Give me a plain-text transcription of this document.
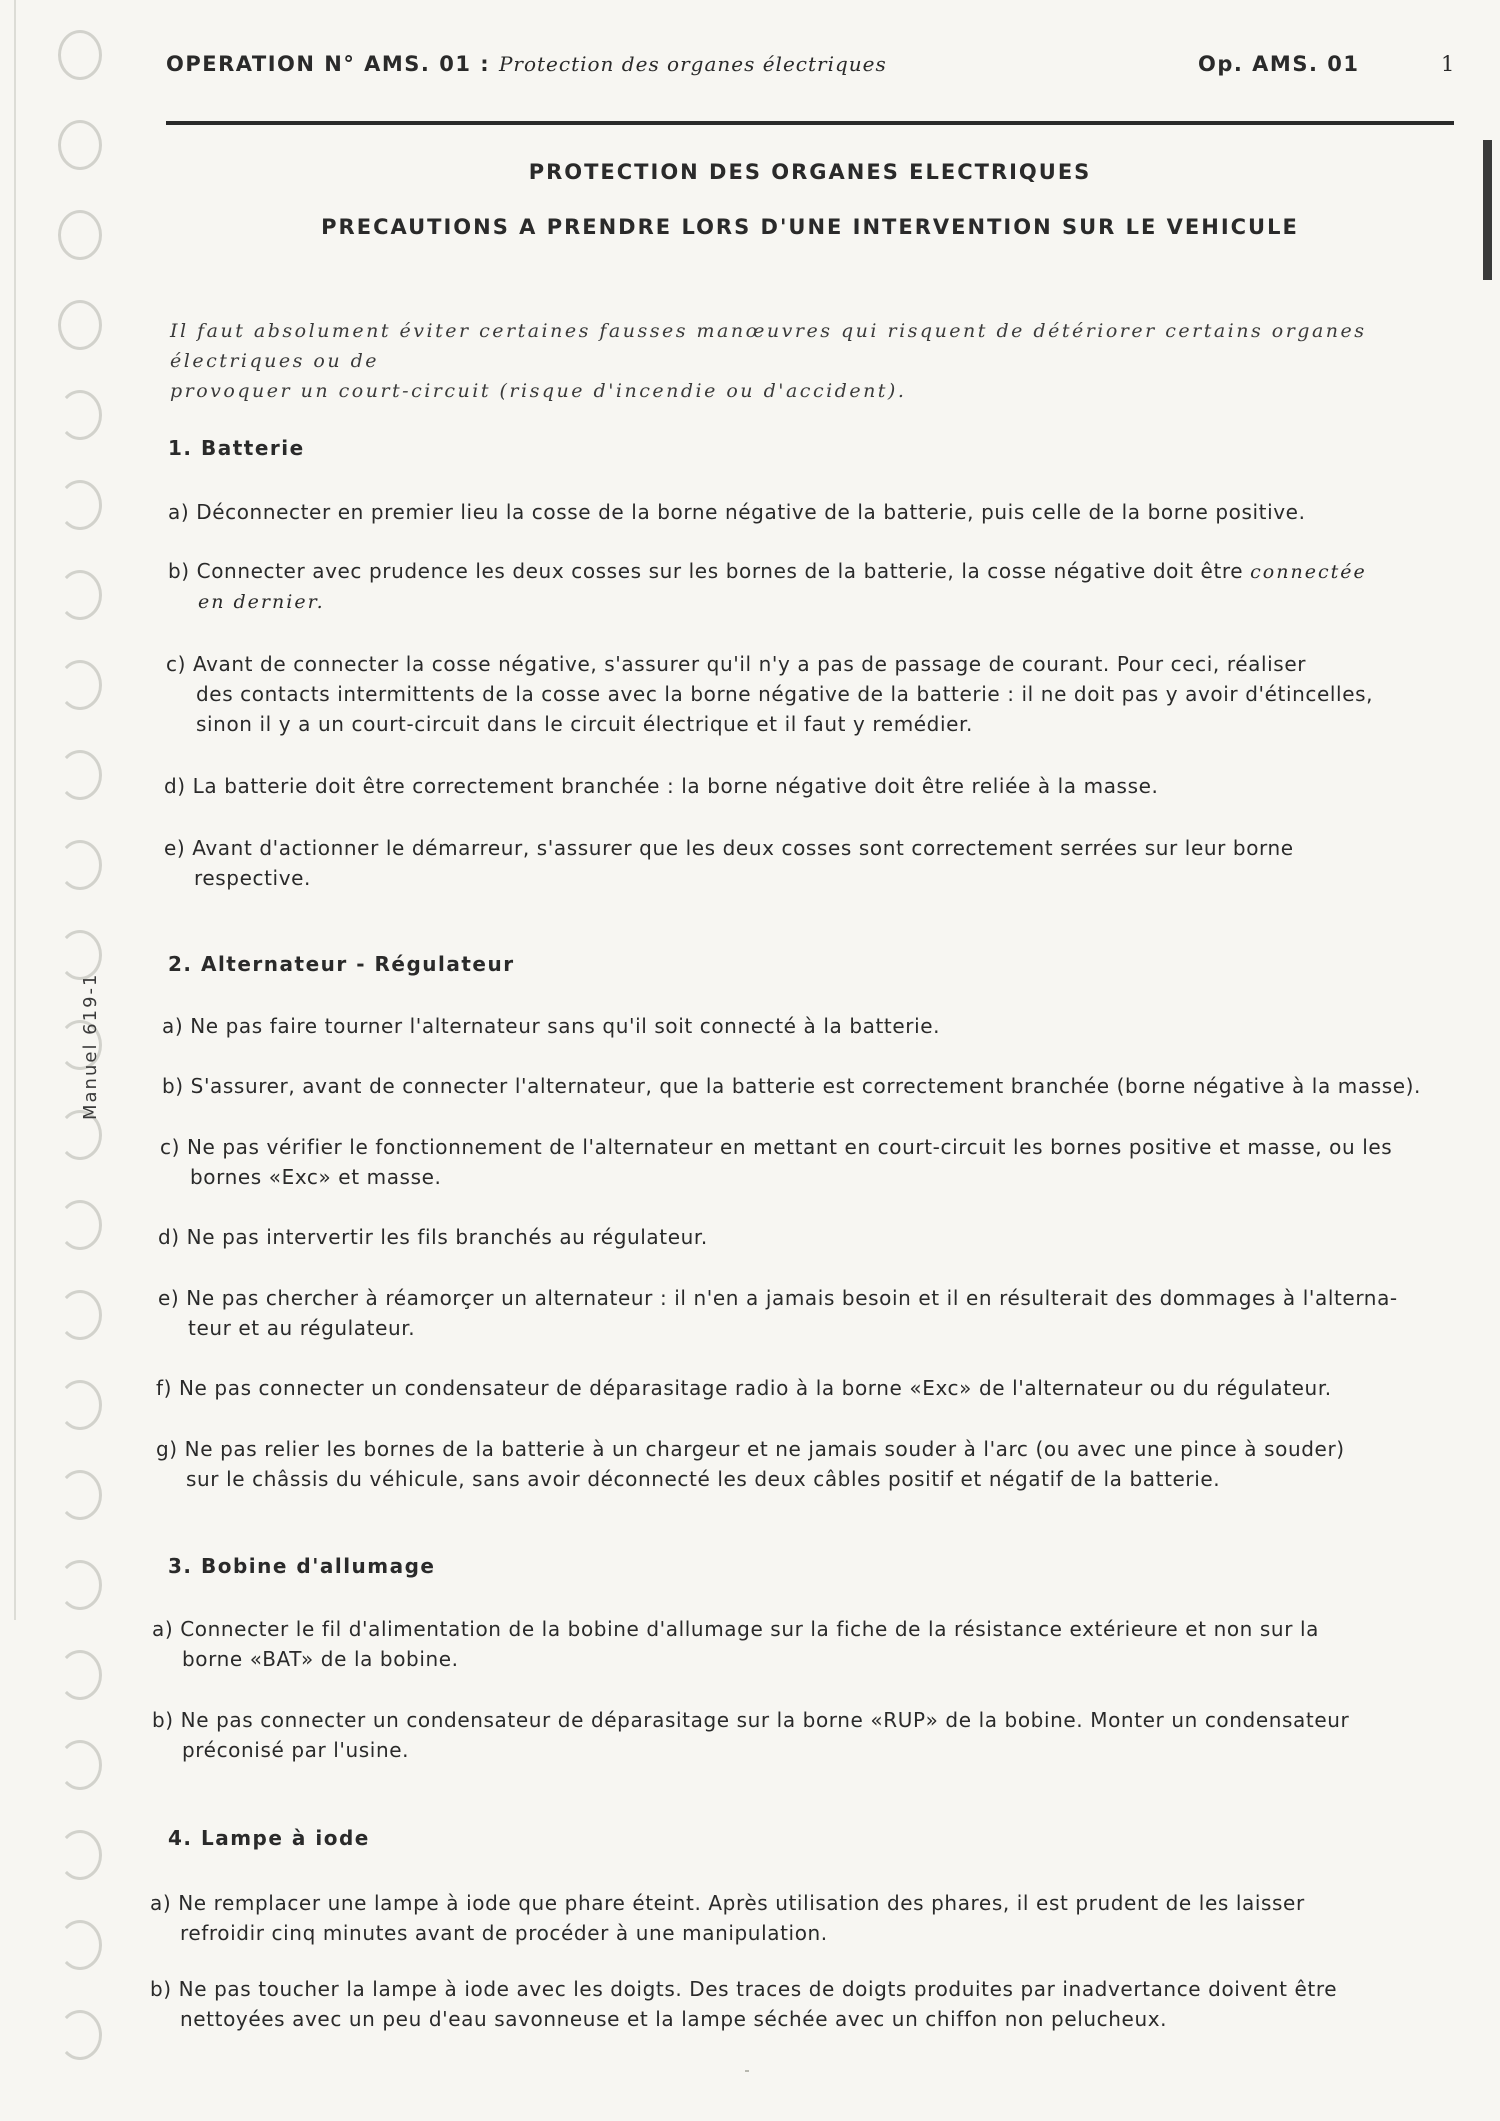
Manuel 619-1
OPERATION N° AMS. 01 : Protection des organes électriques	Op. AMS. 01	1
PROTECTION DES ORGANES ELECTRIQUES
PRECAUTIONS A PRENDRE LORS D'UNE INTERVENTION SUR LE VEHICULE
Il faut absolument éviter certaines fausses manœuvres qui risquent de détériorer certains organes électriques ou de
provoquer un court-circuit (risque d'incendie ou d'accident).
1. Batterie
a) Déconnecter en premier lieu la cosse de la borne négative de la batterie, puis celle de la borne positive.
b) Connecter avec prudence les deux cosses sur les bornes de la batterie, la cosse négative doit être connectée
en dernier.
c) Avant de connecter la cosse négative, s'assurer qu'il n'y a pas de passage de courant. Pour ceci, réaliser
des contacts intermittents de la cosse avec la borne négative de la batterie : il ne doit pas y avoir d'étincelles,
sinon il y a un court-circuit dans le circuit électrique et il faut y remédier.
d) La batterie doit être correctement branchée : la borne négative doit être reliée à la masse.
e) Avant d'actionner le démarreur, s'assurer que les deux cosses sont correctement serrées sur leur borne
respective.
2. Alternateur - Régulateur
a) Ne pas faire tourner l'alternateur sans qu'il soit connecté à la batterie.
b) S'assurer, avant de connecter l'alternateur, que la batterie est correctement branchée (borne négative à la masse).
c) Ne pas vérifier le fonctionnement de l'alternateur en mettant en court-circuit les bornes positive et masse, ou les
bornes «Exc» et masse.
d) Ne pas intervertir les fils branchés au régulateur.
e) Ne pas chercher à réamorçer un alternateur : il n'en a jamais besoin et il en résulterait des dommages à l'alterna-
teur et au régulateur.
f) Ne pas connecter un condensateur de déparasitage radio à la borne «Exc» de l'alternateur ou du régulateur.
g) Ne pas relier les bornes de la batterie à un chargeur et ne jamais souder à l'arc (ou avec une pince à souder)
sur le châssis du véhicule, sans avoir déconnecté les deux câbles positif et négatif de la batterie.
3. Bobine d'allumage
a) Connecter le fil d'alimentation de la bobine d'allumage sur la fiche de la résistance extérieure et non sur la
borne «BAT» de la bobine.
b) Ne pas connecter un condensateur de déparasitage sur la borne «RUP» de la bobine. Monter un condensateur
préconisé par l'usine.
4. Lampe à iode
a) Ne remplacer une lampe à iode que phare éteint. Après utilisation des phares, il est prudent de les laisser
refroidir cinq minutes avant de procéder à une manipulation.
b) Ne pas toucher la lampe à iode avec les doigts. Des traces de doigts produites par inadvertance doivent être
nettoyées avec un peu d'eau savonneuse et la lampe séchée avec un chiffon non pelucheux.
